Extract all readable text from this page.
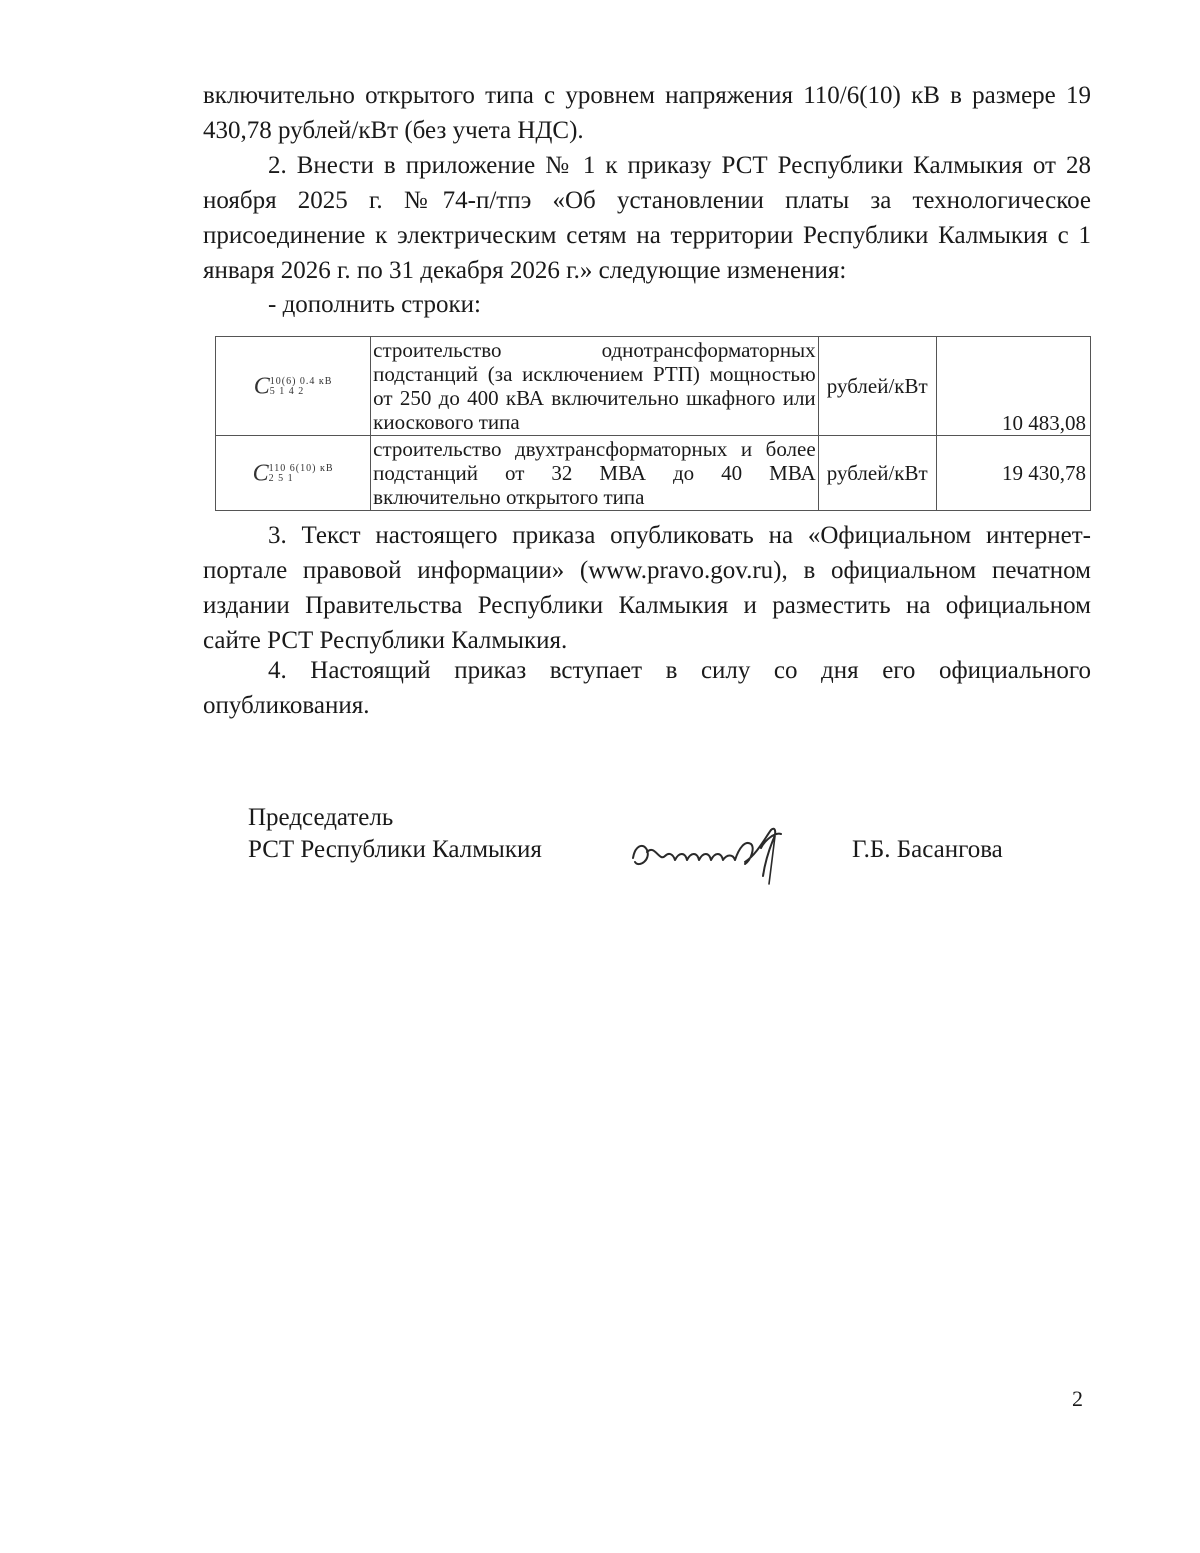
включительно открытого типа с уровнем напряжения 110/6(10) кВ в размере 19 430,78 рублей/кВт (без учета НДС).

2. Внести в приложение № 1 к приказу РСТ Республики Калмыкия от 28 ноября 2025 г. №74-п/тпэ «Об установлении платы за технологическое присоединение к электрическим сетям на территории Республики Калмыкия с 1 января 2026 г. по 31 декабря 2026 г.» следующие изменения:

- дополнить строки:

C10(6) 0.4 кВ
5 1 4 2	строительство однотрансформаторных подстанций (за исключением РТП) мощностью от 250 до 400 кВА включительно шкафного или киоскового типа	рублей/кВт	10 483,08
C110 6(10) кВ
2 5 1	строительство двухтрансформаторных и более подстанций от 32 МВА до 40 МВА включительно открытого типа	рублей/кВт	19 430,78

3. Текст настоящего приказа опубликовать на «Официальном интернет-портале правовой информации» (www.pravo.gov.ru), в официальном печатном издании Правительства Республики Калмыкия и разместить на официальном сайте РСТ Республики Калмыкия.

4. Настоящий приказ вступает в силу со дня его официального опубликования.

Председатель
РСТ Республики Калмыкия	Г.Б. Басангова
2
